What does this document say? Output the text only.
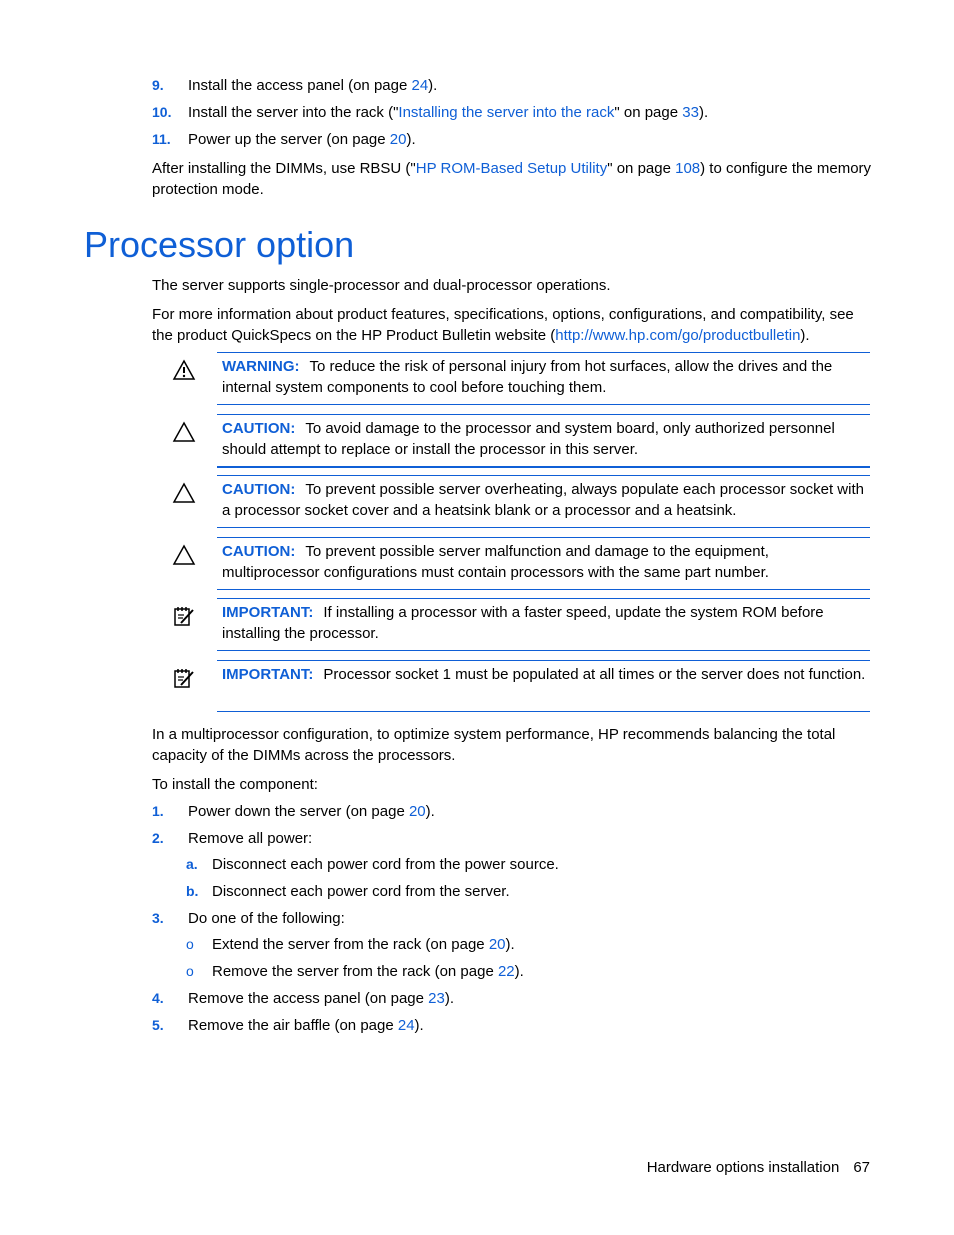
9. Install the access panel (on page 24).
10. Install the server into the rack ("Installing the server into the rack" on page 33).
11. Power up the server (on page 20).
After installing the DIMMs, use RBSU ("HP ROM-Based Setup Utility" on page 108) to configure the memory protection mode.
Processor option
The server supports single-processor and dual-processor operations.
For more information about product features, specifications, options, configurations, and compatibility, see the product QuickSpecs on the HP Product Bulletin website (http://www.hp.com/go/productbulletin).
WARNING: To reduce the risk of personal injury from hot surfaces, allow the drives and the internal system components to cool before touching them.
CAUTION: To avoid damage to the processor and system board, only authorized personnel should attempt to replace or install the processor in this server.
CAUTION: To prevent possible server overheating, always populate each processor socket with a processor socket cover and a heatsink blank or a processor and a heatsink.
CAUTION: To prevent possible server malfunction and damage to the equipment, multiprocessor configurations must contain processors with the same part number.
IMPORTANT: If installing a processor with a faster speed, update the system ROM before installing the processor.
IMPORTANT: Processor socket 1 must be populated at all times or the server does not function.
In a multiprocessor configuration, to optimize system performance, HP recommends balancing the total capacity of the DIMMs across the processors.
To install the component:
1. Power down the server (on page 20).
2. Remove all power:
a. Disconnect each power cord from the power source.
b. Disconnect each power cord from the server.
3. Do one of the following:
o Extend the server from the rack (on page 20).
o Remove the server from the rack (on page 22).
4. Remove the access panel (on page 23).
5. Remove the air baffle (on page 24).
Hardware options installation 67
